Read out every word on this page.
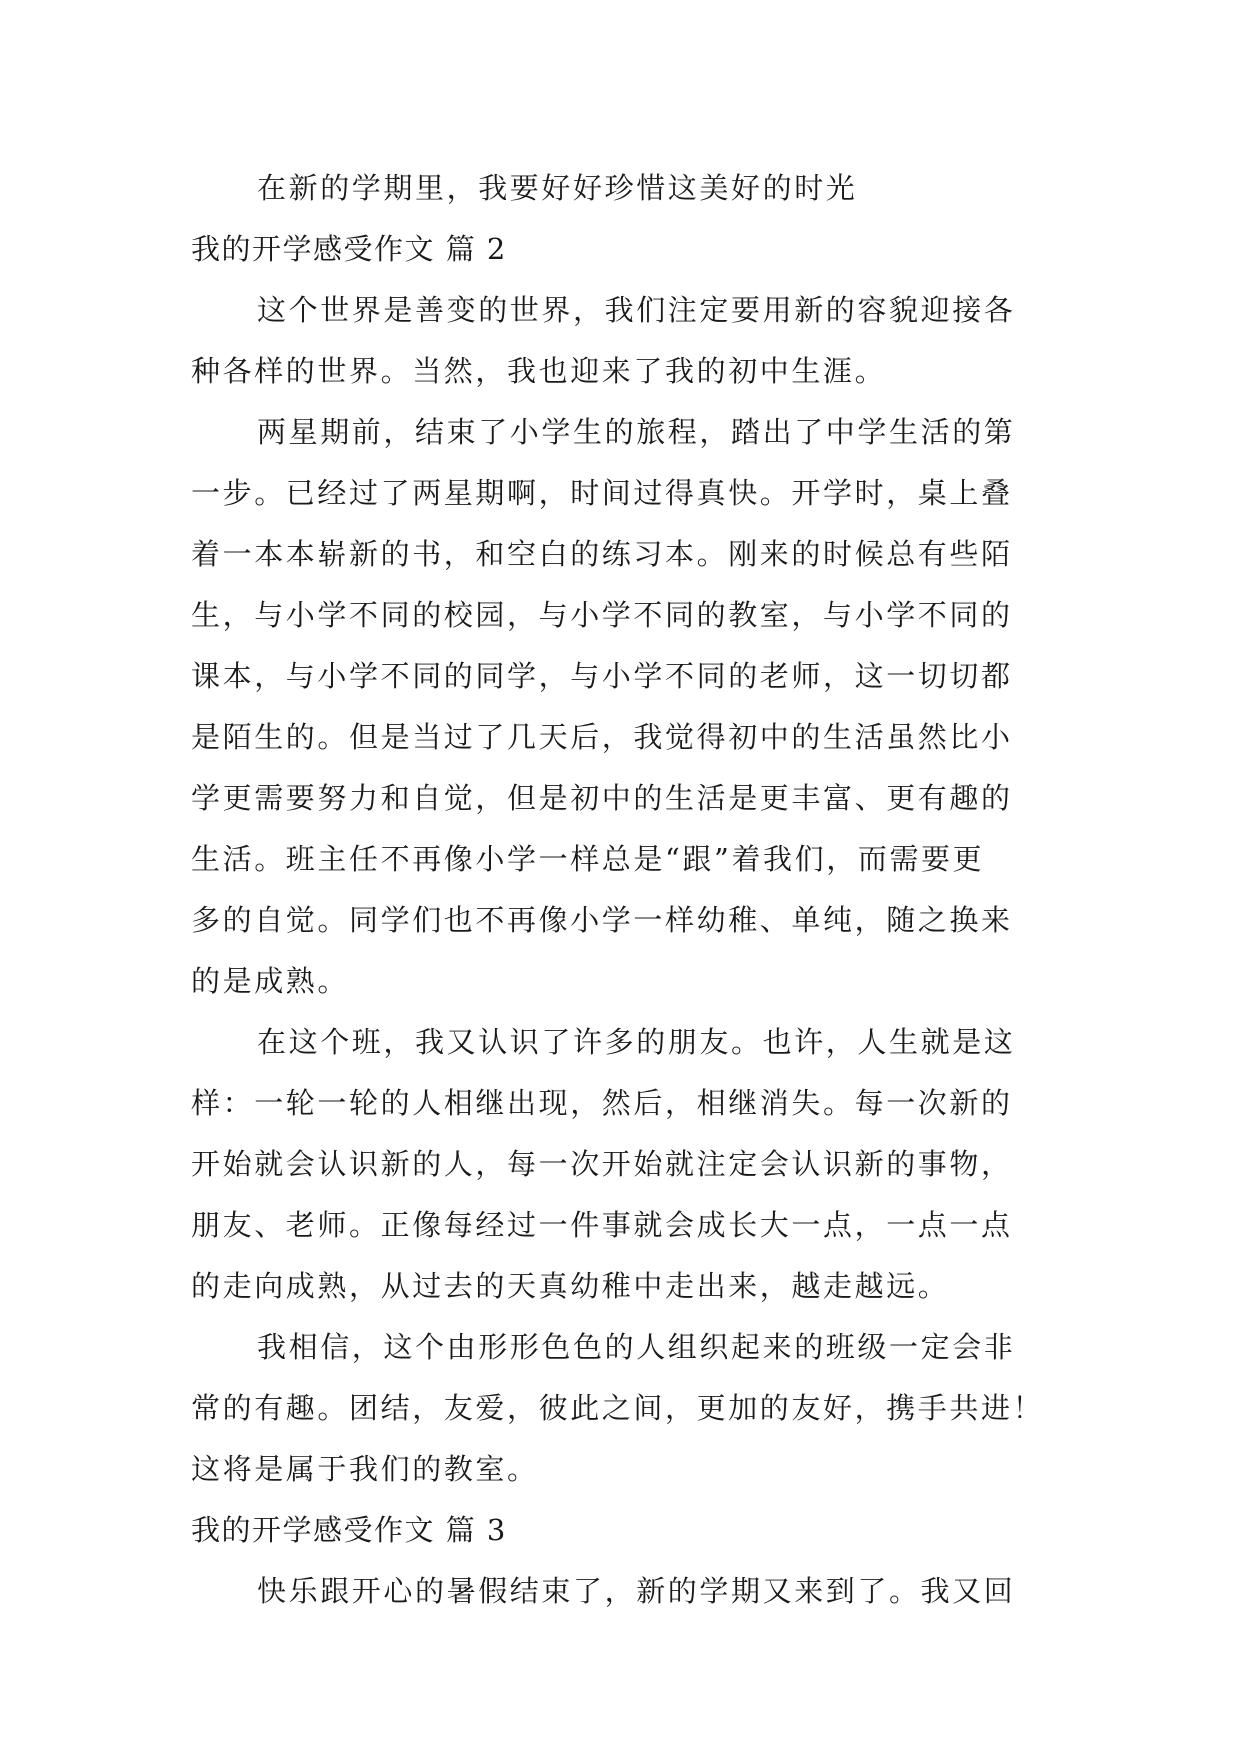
在新的学期里，我要好好珍惜这美好的时光
我的开学感受作文 篇 2
这个世界是善变的世界，我们注定要用新的容貌迎接各
种各样的世界。当然，我也迎来了我的初中生涯。
两星期前，结束了小学生的旅程，踏出了中学生活的第
一步。已经过了两星期啊，时间过得真快。开学时，桌上叠
着一本本崭新的书，和空白的练习本。刚来的时候总有些陌
生，与小学不同的校园，与小学不同的教室，与小学不同的
课本，与小学不同的同学，与小学不同的老师，这一切切都
是陌生的。但是当过了几天后，我觉得初中的生活虽然比小
学更需要努力和自觉，但是初中的生活是更丰富、更有趣的
生活。班主任不再像小学一样总是“跟”着我们，而需要更
多的自觉。同学们也不再像小学一样幼稚、单纯，随之换来
的是成熟。
在这个班，我又认识了许多的朋友。也许，人生就是这
样：一轮一轮的人相继出现，然后，相继消失。每一次新的
开始就会认识新的人，每一次开始就注定会认识新的事物，
朋友、老师。正像每经过一件事就会成长大一点，一点一点
的走向成熟，从过去的天真幼稚中走出来，越走越远。
我相信，这个由形形色色的人组织起来的班级一定会非
常的有趣。团结，友爱，彼此之间，更加的友好，携手共进！
这将是属于我们的教室。
我的开学感受作文 篇 3
快乐跟开心的暑假结束了，新的学期又来到了。我又回
